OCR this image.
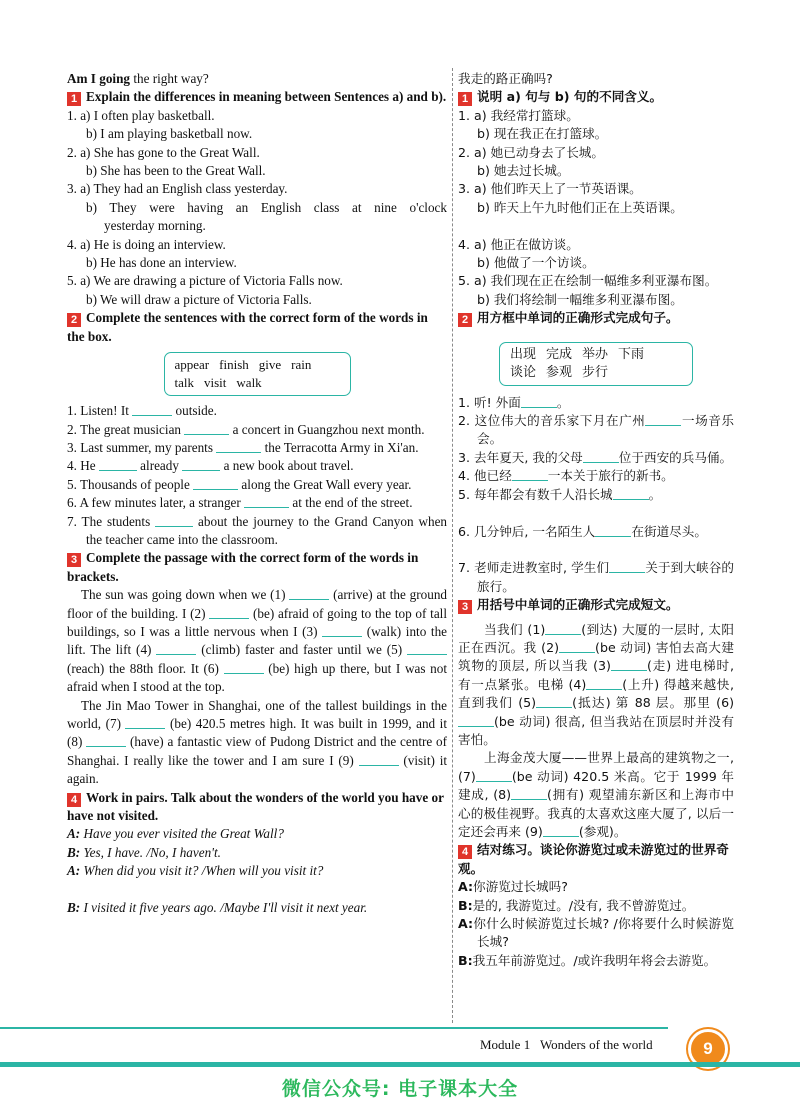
Am I going the right way?
1 Explain the differences in meaning between Sentences a) and b).
1. a) I often play basketball.
b) I am playing basketball now.
2. a) She has gone to the Great Wall.
b) She has been to the Great Wall.
3. a) They had an English class yesterday.
b) They were having an English class at nine o'clock
yesterday morning.
4. a) He is doing an interview.
b) He has done an interview.
5. a) We are drawing a picture of Victoria Falls now.
b) We will draw a picture of Victoria Falls.
2 Complete the sentences with the correct form of the words in the box.
appear finish give rain
talk visit walk
1. Listen! It	outside.
2. The great musician	a concert in Guangzhou next month.
3. Last summer, my parents	the Terracotta Army in Xi'an.
4. He	already	a new book about travel.
5. Thousands of people	along the Great Wall every year.
6. A few minutes later, a stranger	at the end of the street.
7. The students	about the journey to the Grand Canyon when the teacher came into the classroom.
3 Complete the passage with the correct form of the words in brackets.
The sun was going down when we (1)	(arrive) at the ground floor of the building. I (2)	(be) afraid of going to the top of tall buildings, so I was a little nervous when I (3)	(walk) into the lift. The lift (4)	(climb) faster and faster until we (5)  (reach) the 88th floor. It (6)	(be) high up there, but I was not afraid when I stood at the top.
The Jin Mao Tower in Shanghai, one of the tallest buildings in the world, (7)	(be) 420.5 metres high. It was built in 1999, and it (8)	(have) a fantastic view of Pudong District and the centre of Shanghai. I really like the tower and I am sure I (9)	(visit) it again.
4 Work in pairs. Talk about the wonders of the world you have or have not visited.
A: Have you ever visited the Great Wall?
B: Yes, I have. /No, I haven't.
A: When did you visit it? /When will you visit it?
B: I visited it five years ago. /Maybe I'll visit it next year.
我走的路正确吗?
1 说明 a) 句与 b) 句的不同含义。
1. a) 我经常打篮球。
b) 现在我正在打篮球。
2. a) 她已动身去了长城。
b) 她去过长城。
3. a) 他们昨天上了一节英语课。
b) 昨天上午九时他们正在上英语课。
4. a) 他正在做访谈。
b) 他做了一个访谈。
5. a) 我们现在正在绘制一幅维多利亚瀑布图。
b) 我们将绘制一幅维多利亚瀑布图。
2 用方框中单词的正确形式完成句子。
出现 完成 举办 下雨
谈论 参观 步行
1. 听! 外面	。
2. 这位伟大的音乐家下月在广州	一场音乐会。
3. 去年夏天, 我的父母	位于西安的兵马俑。
4. 他已经	一本关于旅行的新书。
5. 每年都会有数千人沿长城	。
6. 几分钟后, 一名陌生人	在街道尽头。
7. 老师走进教室时, 学生们	关于到大峡谷的旅行。
3 用括号中单词的正确形式完成短文。
当我们 (1)	(到达) 大厦的一层时, 太阳正在西沉。我 (2)	(be 动词) 害怕去高大建筑物的顶层, 所以当我 (3)	(走) 进电梯时, 有一点紧张。电梯 (4)	(上升) 得越来越快, 直到我们 (5)	(抵达) 第 88 层。那里 (6)(be 动词) 很高, 但当我站在顶层时并没有害怕。
上海金茂大厦——世界上最高的建筑物之一, (7)	(be 动词) 420.5 米高。它于 1999 年建成, (8)	(拥有) 观望浦东新区和上海市中心的极佳视野。我真的太喜欢这座大厦了, 以后一定还会再来 (9)	(参观)。
4 结对练习。谈论你游览过或未游览过的世界奇观。
A:你游览过长城吗?
B:是的, 我游览过。/没有, 我不曾游览过。
A:你什么时候游览过长城? /你将要什么时候游览长城?
B:我五年前游览过。/或许我明年将会去游览。
Module 1 Wonders of the world	9
微信公众号: 电子课本大全
